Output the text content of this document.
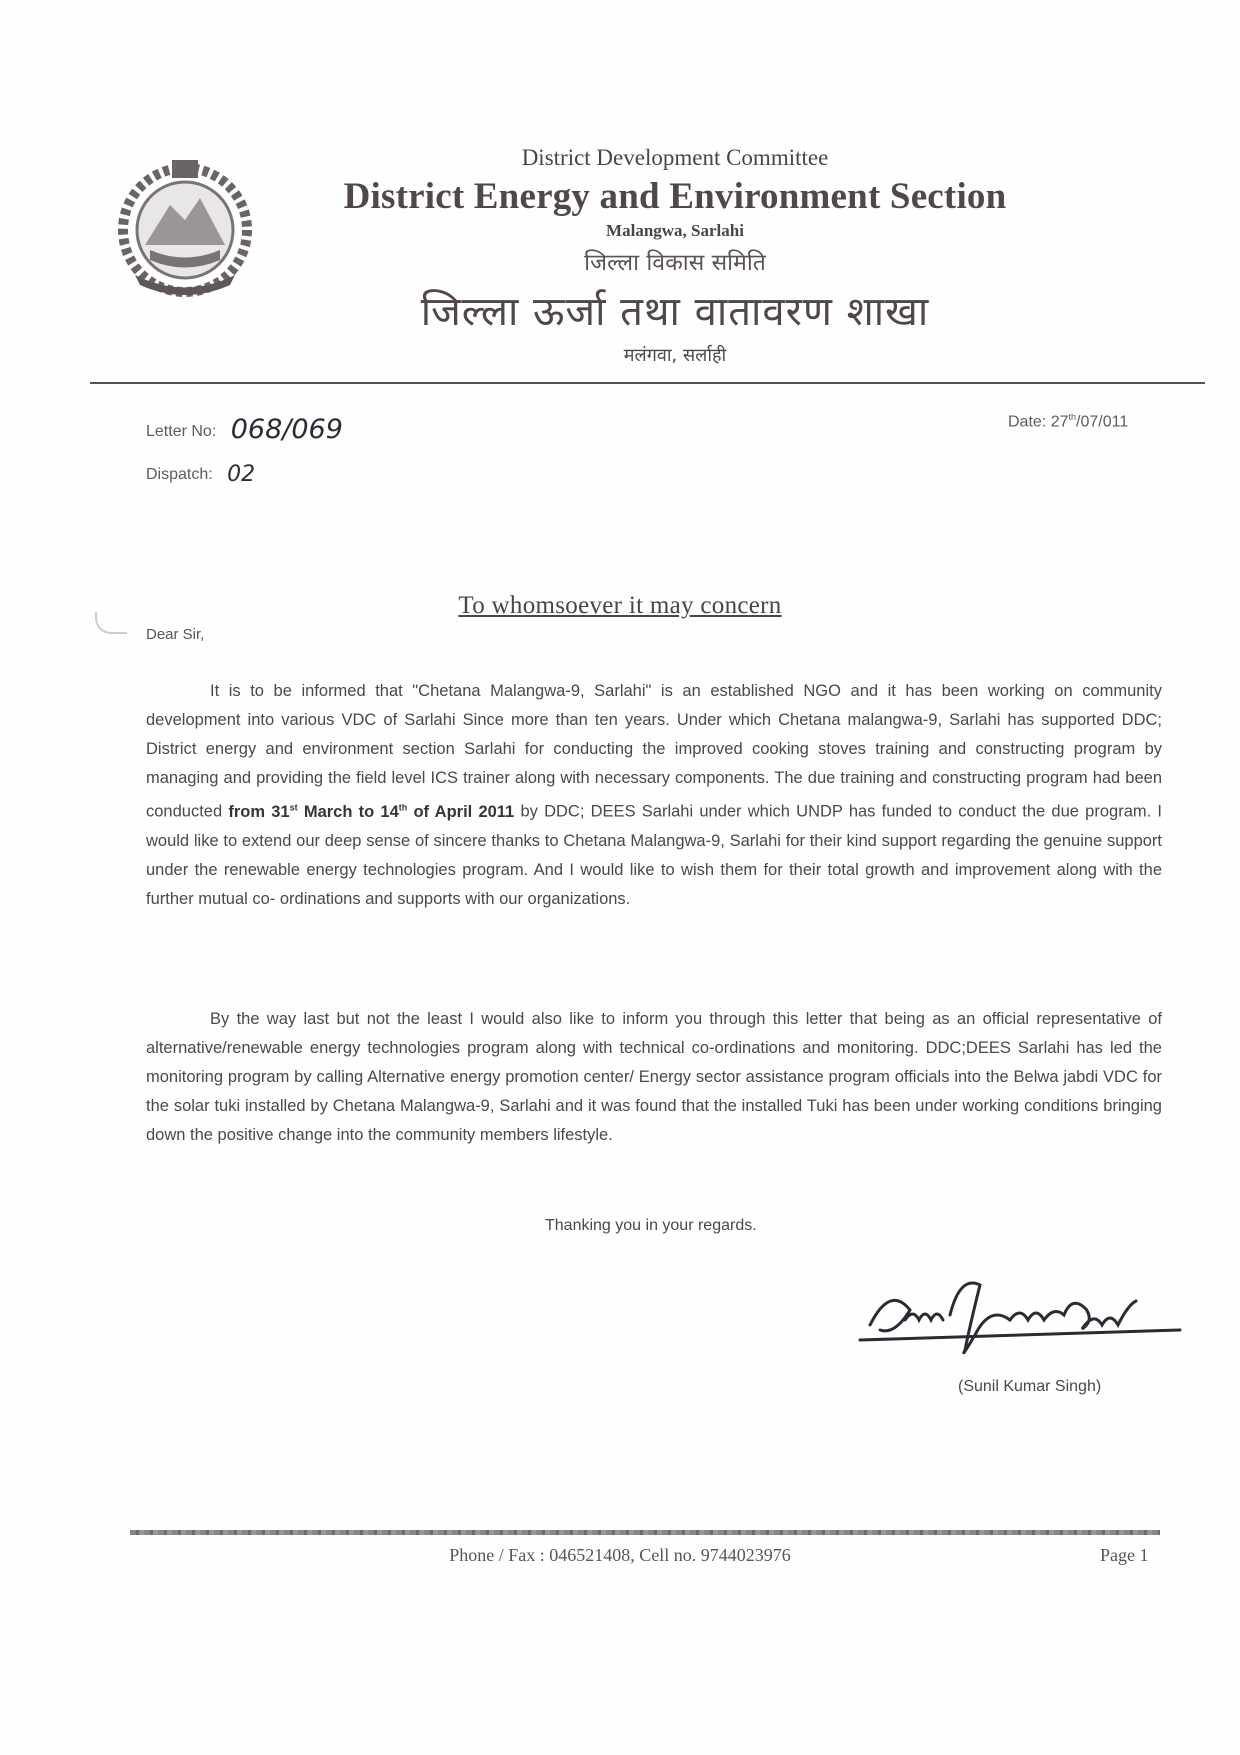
District Development Committee
District Energy and Environment Section
Malangwa, Sarlahi
जिल्ला विकास समिति
जिल्ला ऊर्जा तथा वातावरण शाखा
मलंगवा, सर्लाही
Letter No: 068/069
Dispatch: 02
Date: 27th/07/011
To whomsoever it may concern
Dear Sir,
It is to be informed that "Chetana Malangwa-9, Sarlahi" is an established NGO and it has been working on community development into various VDC of Sarlahi Since more than ten years. Under which Chetana malangwa-9, Sarlahi has supported DDC; District energy and environment section Sarlahi for conducting the improved cooking stoves training and constructing program by managing and providing the field level ICS trainer along with necessary components. The due training and constructing program had been conducted from 31st March to 14th of April 2011 by DDC; DEES Sarlahi under which UNDP has funded to conduct the due program. I would like to extend our deep sense of sincere thanks to Chetana Malangwa-9, Sarlahi for their kind support regarding the genuine support under the renewable energy technologies program. And I would like to wish them for their total growth and improvement along with the further mutual co- ordinations and supports with our organizations.
By the way last but not the least I would also like to inform you through this letter that being as an official representative of alternative/renewable energy technologies program along with technical co-ordinations and monitoring. DDC;DEES Sarlahi has led the monitoring program by calling Alternative energy promotion center/ Energy sector assistance program officials into the Belwa jabdi VDC for the solar tuki installed by Chetana Malangwa-9, Sarlahi and it was found that the installed Tuki has been under working conditions bringing down the positive change into the community members lifestyle.
Thanking you in your regards.
(Sunil Kumar Singh)
Phone / Fax : 046521408, Cell no. 9744023976	Page 1
